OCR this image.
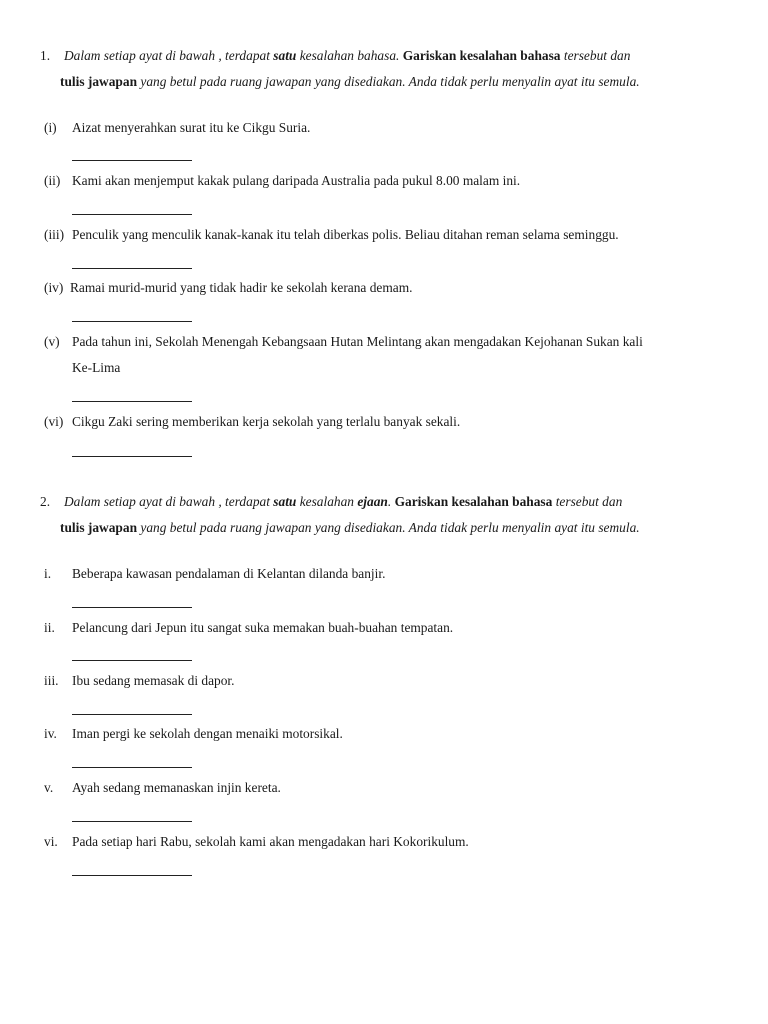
1.	Dalam setiap ayat di bawah , terdapat satu kesalahan bahasa. Gariskan kesalahan bahasa tersebut dan
tulis jawapan yang betul pada ruang jawapan yang disediakan. Anda tidak perlu menyalin ayat itu semula.
(i) Aizat menyerahkan surat itu ke Cikgu Suria.
(ii) Kami akan menjemput kakak pulang daripada Australia pada pukul 8.00 malam ini.
(iii) Penculik yang menculik kanak-kanak itu telah diberkas polis. Beliau ditahan reman selama seminggu.
(iv) Ramai murid-murid yang tidak hadir ke sekolah kerana demam.
(v) Pada tahun ini, Sekolah Menengah Kebangsaan Hutan Melintang akan mengadakan Kejohanan Sukan kali
Ke-Lima
(vi) Cikgu Zaki sering memberikan kerja sekolah yang terlalu banyak sekali.
2.	Dalam setiap ayat di bawah , terdapat satu kesalahan ejaan. Gariskan kesalahan bahasa tersebut dan
tulis jawapan yang betul pada ruang jawapan yang disediakan. Anda tidak perlu menyalin ayat itu semula.
i. Beberapa kawasan pendalaman di Kelantan dilanda banjir.
ii. Pelancung dari Jepun itu sangat suka memakan buah-buahan tempatan.
iii. Ibu sedang memasak di dapor.
iv. Iman pergi ke sekolah dengan menaiki motorsikal.
v. Ayah sedang memanaskan injin kereta.
vi. Pada setiap hari Rabu, sekolah kami akan mengadakan hari Kokorikulum.
